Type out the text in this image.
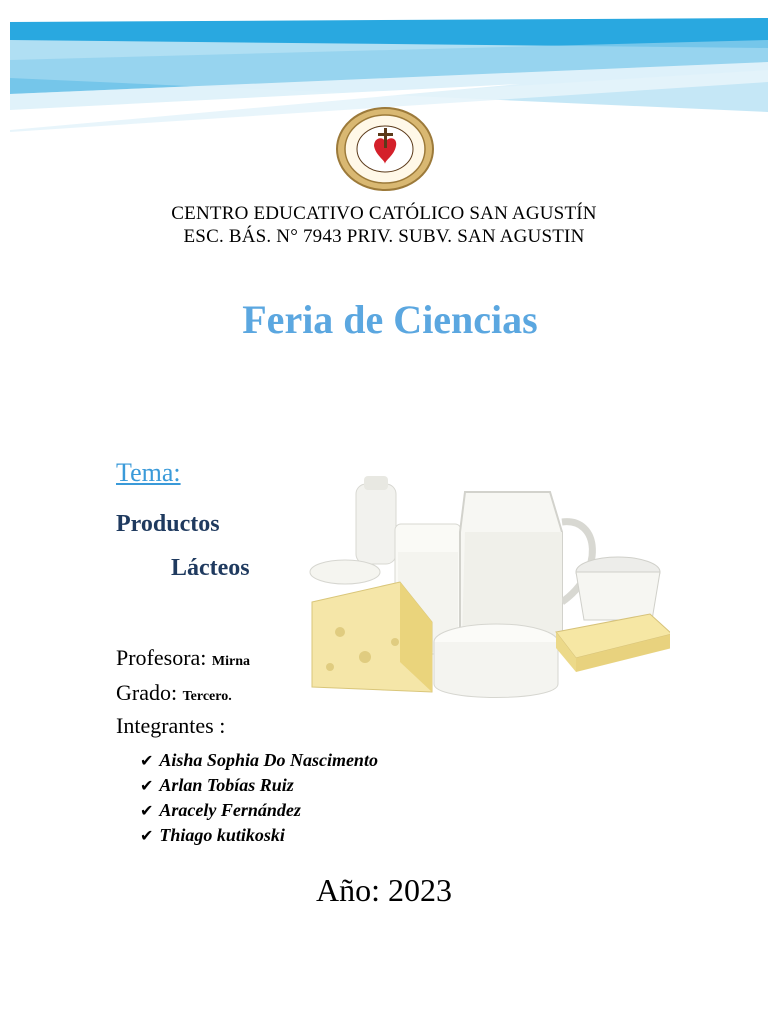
CENTRO EDUCATIVO CATÓLICO SAN AGUSTÍN
ESC. BÁS. N° 7943 PRIV. SUBV. SAN AGUSTIN
Feria de Ciencias
Tema:
Productos
Lácteos
Profesora: Mirna
Grado: Tercero.
Integrantes :
✔ Aisha Sophia Do Nascimento
✔ Arlan Tobías Ruiz
✔ Aracely Fernández
✔ Thiago kutikoski
Año: 2023
